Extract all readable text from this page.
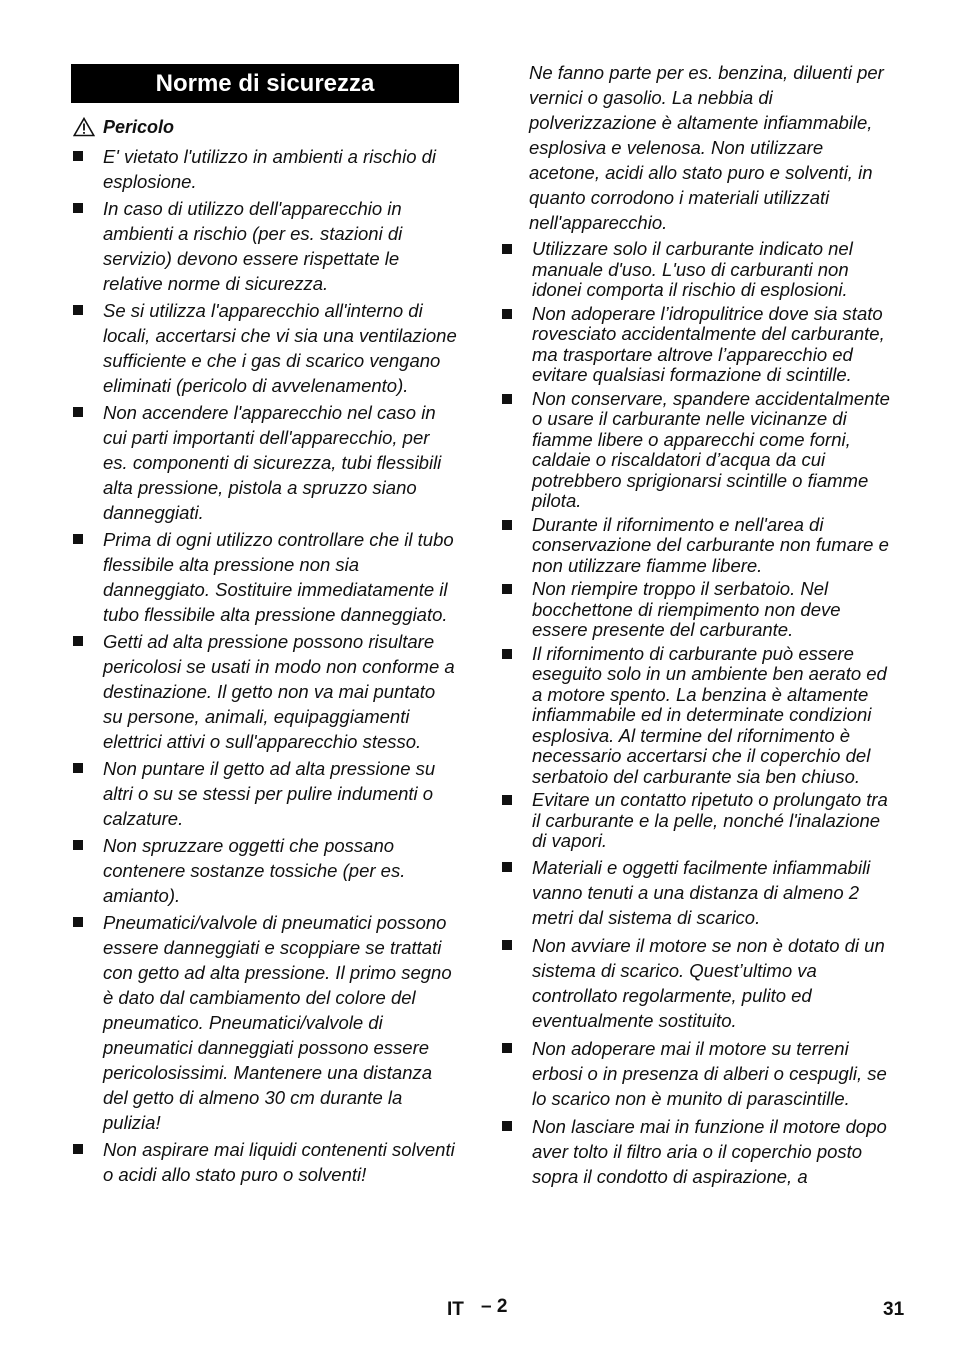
Norme di sicurezza
Pericolo
E' vietato l'utilizzo in ambienti a rischio di esplosione.
In caso di utilizzo dell'apparecchio in ambienti a rischio (per es. stazioni di servizio) devono essere rispettate le relative norme di sicurezza.
Se si utilizza l'apparecchio all'interno di locali, accertarsi che vi sia una ventilazione sufficiente e che i gas di scarico vengano eliminati (pericolo di avvelenamento).
Non accendere l'apparecchio nel caso in cui parti importanti dell'apparecchio, per es. componenti di sicurezza, tubi flessibili alta pressione, pistola a spruzzo siano danneggiati.
Prima di ogni utilizzo controllare che il tubo flessibile alta pressione non sia danneggiato. Sostituire immediatamente il tubo flessibile alta pressione danneggiato.
Getti ad alta pressione possono risultare pericolosi se usati in modo non conforme a destinazione. Il getto non va mai puntato su persone, animali, equipaggiamenti elettrici attivi o sull'apparecchio stesso.
Non puntare il getto ad alta pressione su altri o su se stessi per pulire indumenti o calzature.
Non spruzzare oggetti che possano contenere sostanze tossiche (per es. amianto).
Pneumatici/valvole di pneumatici possono essere danneggiati e scoppiare se trattati con getto ad alta pressione. Il primo segno è dato dal cambiamento del colore del pneumatico. Pneumatici/valvole di pneumatici danneggiati possono essere pericolosissimi. Mantenere una distanza del getto di almeno 30 cm durante la pulizia!
Non aspirare mai liquidi contenenti solventi o acidi allo stato puro o solventi!

Ne fanno parte per es. benzina, diluenti per vernici o gasolio. La nebbia di polverizzazione è altamente infiammabile, esplosiva e velenosa. Non utilizzare acetone, acidi allo stato puro e solventi, in quanto corrodono i materiali utilizzati nell'apparecchio.

Utilizzare solo il carburante indicato nel manuale d'uso. L'uso di carburanti non idonei comporta il rischio di esplosioni.
Non adoperare l’idropulitrice dove sia stato rovesciato accidentalmente del carburante, ma trasportare altrove l’apparecchio ed evitare qualsiasi formazione di scintille.
Non conservare, spandere accidentalmente o usare il carburante nelle vicinanze di fiamme libere o apparecchi come forni, caldaie o riscaldatori d’acqua da cui potrebbero sprigionarsi scintille o fiamme pilota.
Durante il rifornimento e nell'area di conservazione del carburante non fumare e non utilizzare fiamme libere.
Non riempire troppo il serbatoio. Nel bocchettone di riempimento non deve essere presente del carburante.
Il rifornimento di carburante può essere eseguito solo in un ambiente ben aerato ed a motore spento. La benzina è altamente infiammabile ed in determinate condizioni esplosiva. Al termine del rifornimento è necessario accertarsi che il coperchio del serbatoio del carburante sia ben chiuso.
Evitare un contatto ripetuto o prolungato tra il carburante e la pelle, nonché l'inalazione di vapori.
Materiali e oggetti facilmente infiammabili vanno tenuti a una distanza di almeno 2 metri dal sistema di scarico.
Non avviare il motore se non è dotato di un sistema di scarico. Quest’ultimo va controllato regolarmente, pulito ed eventualmente sostituito.
Non adoperare mai il motore su terreni erbosi o in presenza di alberi o cespugli, se lo scarico non è munito di parascintille.
Non lasciare mai in funzione il motore dopo aver tolto il filtro aria o il coperchio posto sopra il condotto di aspirazione, a
IT – 2	31
